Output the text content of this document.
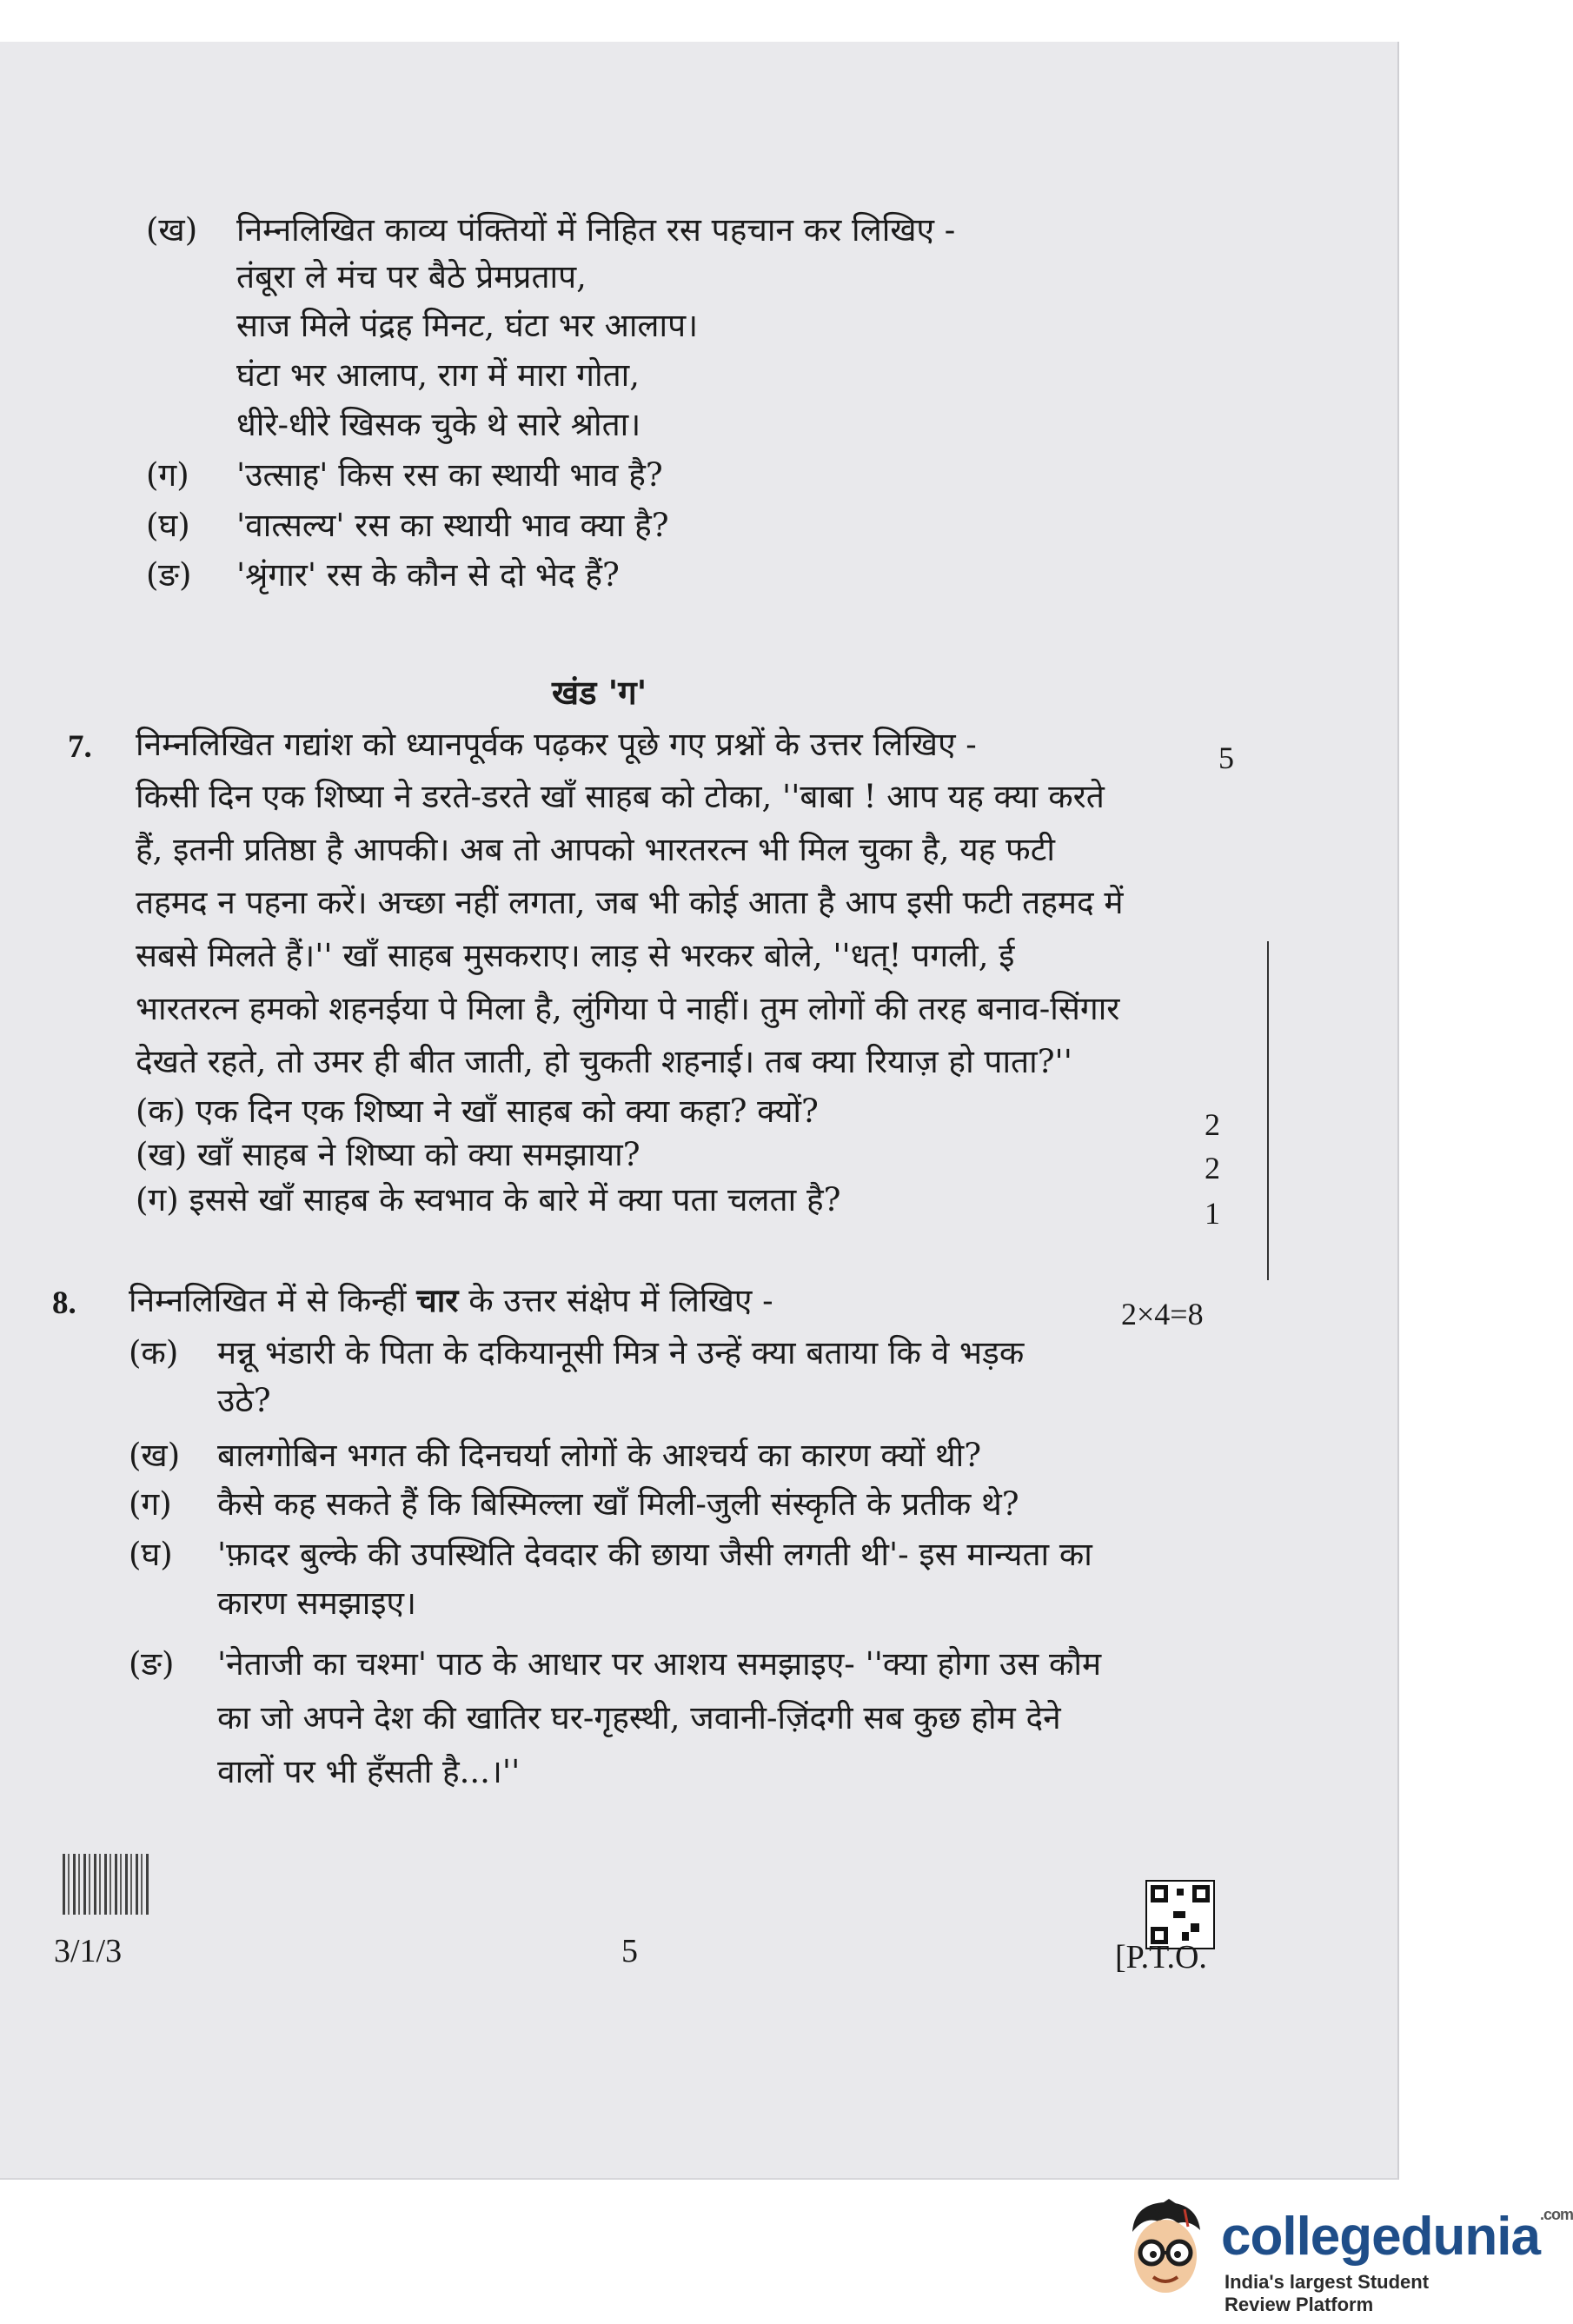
(ख) निम्नलिखित काव्य पंक्तियों में निहित रस पहचान कर लिखिए -
तंबूरा ले मंच पर बैठे प्रेमप्रताप,
साज मिले पंद्रह मिनट, घंटा भर आलाप।
घंटा भर आलाप, राग में मारा गोता,
धीरे-धीरे खिसक चुके थे सारे श्रोता।
(ग) 'उत्साह' किस रस का स्थायी भाव है?
(घ) 'वात्सल्य' रस का स्थायी भाव क्या है?
(ङ) 'श्रृंगार' रस के कौन से दो भेद हैं?
खंड 'ग'
7. निम्नलिखित गद्यांश को ध्यानपूर्वक पढ़कर पूछे गए प्रश्नों के उत्तर लिखिए -	5
किसी दिन एक शिष्या ने डरते-डरते खाँ साहब को टोका, ''बाबा ! आप यह क्या करते
हैं, इतनी प्रतिष्ठा है आपकी। अब तो आपको भारतरत्न भी मिल चुका है, यह फटी
तहमद न पहना करें। अच्छा नहीं लगता, जब भी कोई आता है आप इसी फटी तहमद में
सबसे मिलते हैं।'' खाँ साहब मुसकराए। लाड़ से भरकर बोले, ''धत्! पगली, ई
भारतरत्न हमको शहनईया पे मिला है, लुंगिया पे नाहीं। तुम लोगों की तरह बनाव-सिंगार
देखते रहते, तो उमर ही बीत जाती, हो चुकती शहनाई। तब क्या रियाज़ हो पाता?''
(क) एक दिन एक शिष्या ने खाँ साहब को क्या कहा? क्यों?	2
(ख) खाँ साहब ने शिष्या को क्या समझाया?	2
(ग) इससे खाँ साहब के स्वभाव के बारे में क्या पता चलता है?	1
8. निम्नलिखित में से किन्हीं चार के उत्तर संक्षेप में लिखिए -	2×4=8
(क) मन्नू भंडारी के पिता के दकियानूसी मित्र ने उन्हें क्या बताया कि वे भड़क
उठे?
(ख) बालगोबिन भगत की दिनचर्या लोगों के आश्चर्य का कारण क्यों थी?
(ग) कैसे कह सकते हैं कि बिस्मिल्ला खाँ मिली-जुली संस्कृति के प्रतीक थे?
(घ) 'फ़ादर बुल्के की उपस्थिति देवदार की छाया जैसी लगती थी'- इस मान्यता का
कारण समझाइए।
(ङ) 'नेताजी का चश्मा' पाठ के आधार पर आशय समझाइए- ''क्या होगा उस कौम
का जो अपने देश की खातिर घर-गृहस्थी, जवानी-ज़िंदगी सब कुछ होम देने
वालों पर भी हँसती है...।''
3/1/3	5	[P.T.O.
collegedunia$^{.com}$
India's largest Student Review Platform
